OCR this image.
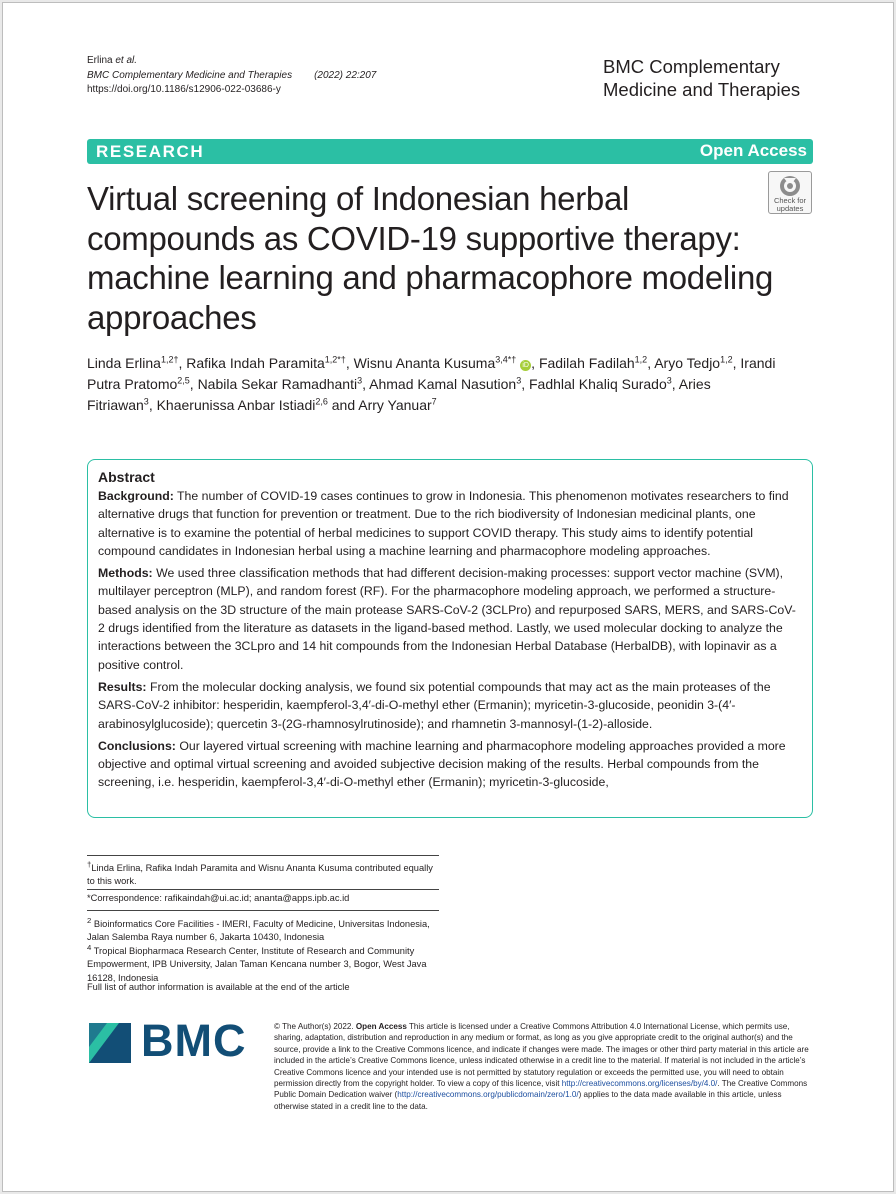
Erlina et al.
BMC Complementary Medicine and Therapies (2022) 22:207
https://doi.org/10.1186/s12906-022-03686-y
BMC Complementary
Medicine and Therapies
RESEARCH	Open Access
Virtual screening of Indonesian herbal compounds as COVID-19 supportive therapy: machine learning and pharmacophore modeling approaches
Check for
updates
Linda Erlina$^{1,2\dagger}$, Rafika Indah Paramita$^{1,2*\dagger}$, Wisnu Ananta Kusuma$^{3,4*\dagger}$ iD , Fadilah Fadilah$^{1,2}$, Aryo Tedjo$^{1,2}$, Irandi Putra Pratomo$^{2,5}$, Nabila Sekar Ramadhanti$^3$, Ahmad Kamal Nasution$^3$, Fadhlal Khaliq Surado$^3$, Aries Fitriawan$^3$, Khaerunissa Anbar Istiadi$^{2,6}$ and Arry Yanuar$^7$
Abstract

Background: The number of COVID-19 cases continues to grow in Indonesia. This phenomenon motivates researchers to find alternative drugs that function for prevention or treatment. Due to the rich biodiversity of Indonesian medicinal plants, one alternative is to examine the potential of herbal medicines to support COVID therapy. This study aims to identify potential compound candidates in Indonesian herbal using a machine learning and pharmacophore modeling approaches.

Methods: We used three classification methods that had different decision-making processes: support vector machine (SVM), multilayer perceptron (MLP), and random forest (RF). For the pharmacophore modeling approach, we performed a structure-based analysis on the 3D structure of the main protease SARS-CoV-2 (3CLPro) and repurposed SARS, MERS, and SARS-CoV-2 drugs identified from the literature as datasets in the ligand-based method. Lastly, we used molecular docking to analyze the interactions between the 3CLpro and 14 hit compounds from the Indonesian Herbal Database (HerbalDB), with lopinavir as a positive control.

Results: From the molecular docking analysis, we found six potential compounds that may act as the main proteases of the SARS-CoV-2 inhibitor: hesperidin, kaempferol-3,4′-di-O-methyl ether (Ermanin); myricetin-3-glucoside, peonidin 3-(4′-arabinosylglucoside); quercetin 3-(2G-rhamnosylrutinoside); and rhamnetin 3-mannosyl-(1-2)-alloside.

Conclusions: Our layered virtual screening with machine learning and pharmacophore modeling approaches provided a more objective and optimal virtual screening and avoided subjective decision making of the results. Herbal compounds from the screening, i.e. hesperidin, kaempferol-3,4′-di-O-methyl ether (Ermanin); myricetin-3-glucoside,

†Linda Erlina, Rafika Indah Paramita and Wisnu Ananta Kusuma contributed equally to this work.
*Correspondence: rafikaindah@ui.ac.id; ananta@apps.ipb.ac.id
$^2$ Bioinformatics Core Facilities - IMERI, Faculty of Medicine, Universitas Indonesia, Jalan Salemba Raya number 6, Jakarta 10430, Indonesia
$^4$ Tropical Biopharmaca Research Center, Institute of Research and Community Empowerment, IPB University, Jalan Taman Kencana number 3, Bogor, West Java 16128, Indonesia
Full list of author information is available at the end of the article
BMC	© The Author(s) 2022. Open Access This article is licensed under a Creative Commons Attribution 4.0 International License, which permits use, sharing, adaptation, distribution and reproduction in any medium or format, as long as you give appropriate credit to the original author(s) and the source, provide a link to the Creative Commons licence, and indicate if changes were made. The images or other third party material in this article are included in the article’s Creative Commons licence, unless indicated otherwise in a credit line to the material. If material is not included in the article’s Creative Commons licence and your intended use is not permitted by statutory regulation or exceeds the permitted use, you will need to obtain permission directly from the copyright holder. To view a copy of this licence, visit http://creativecommons.org/licenses/by/4.0/. The Creative Commons Public Domain Dedication waiver (http://creativecommons.org/publicdomain/zero/1.0/) applies to the data made available in this article, unless otherwise stated in a credit line to the data.
